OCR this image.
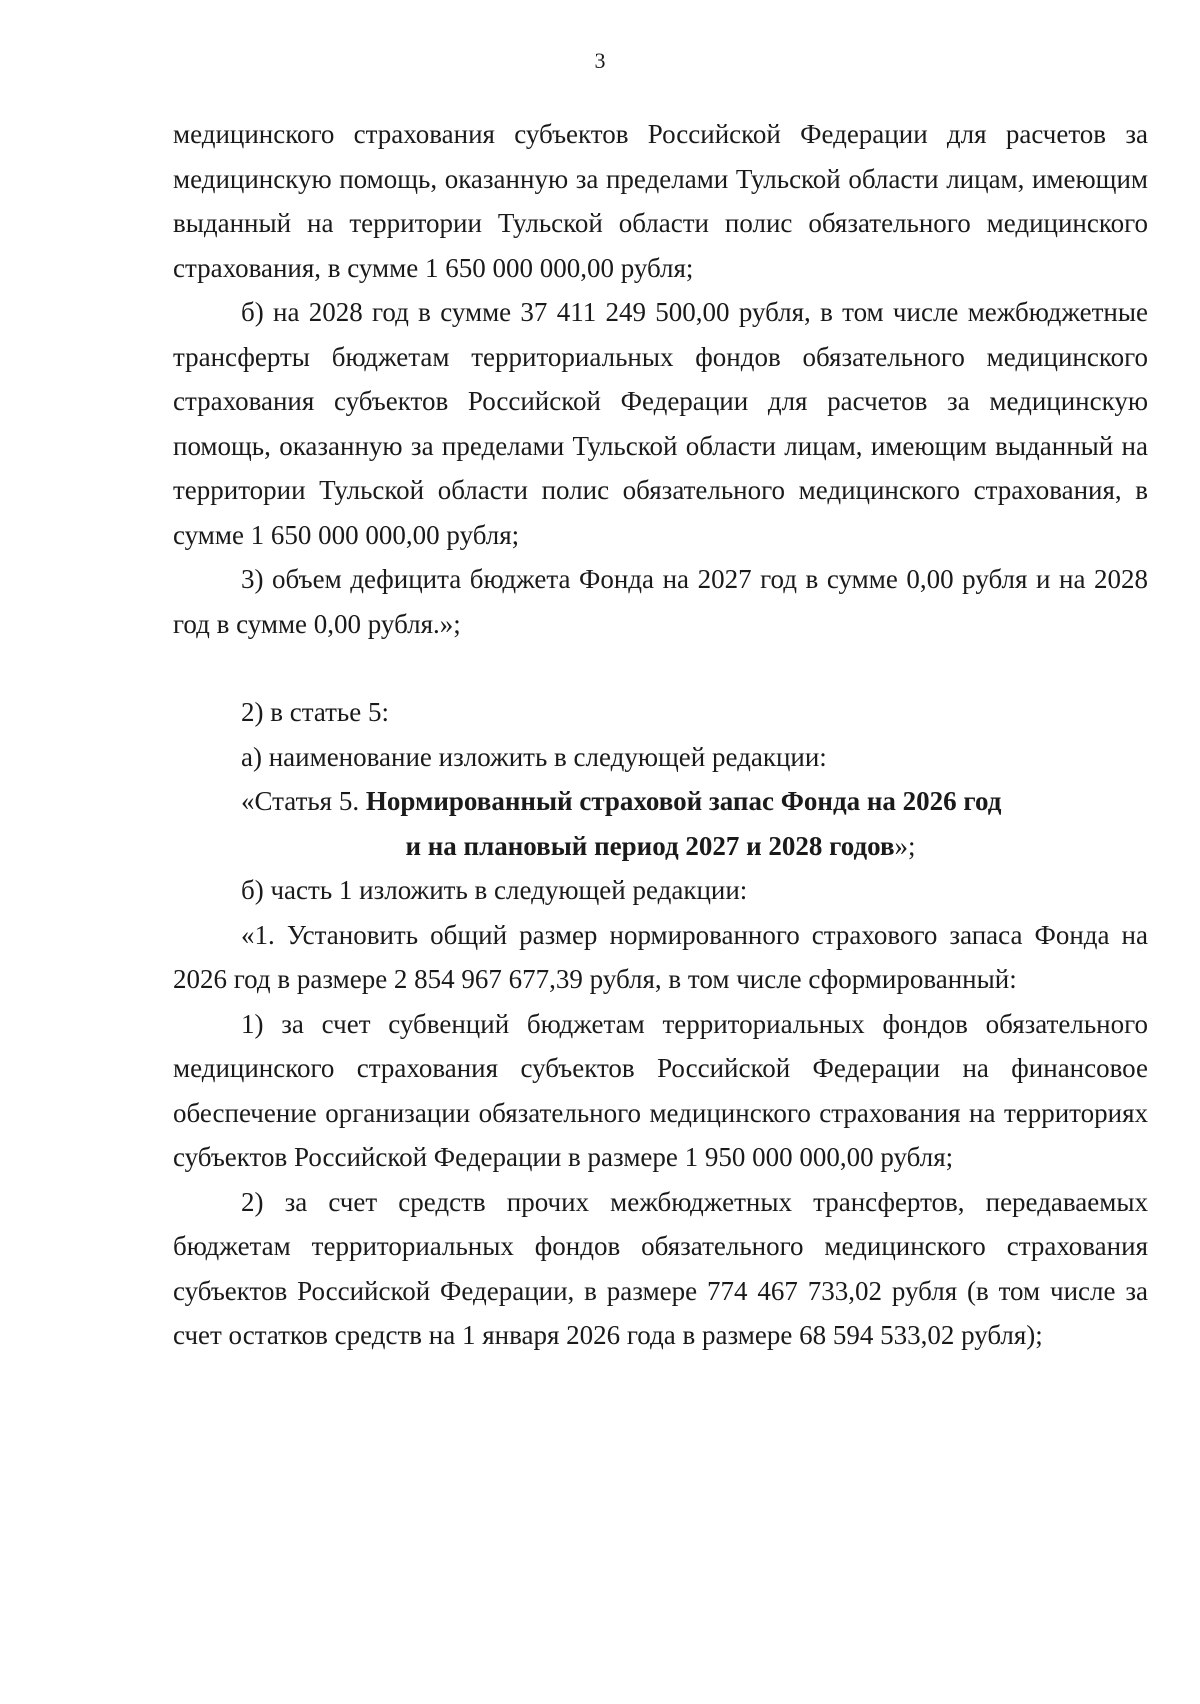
3

медицинского страхования субъектов Российской Федерации для расчетов за медицинскую помощь, оказанную за пределами Тульской области лицам, имеющим выданный на территории Тульской области полис обязательного медицинского страхования, в сумме 1 650 000 000,00 рубля;

б) на 2028 год в сумме 37 411 249 500,00 рубля, в том числе межбюджетные трансферты бюджетам территориальных фондов обязательного медицинского страхования субъектов Российской Федерации для расчетов за медицинскую помощь, оказанную за пределами Тульской области лицам, имеющим выданный на территории Тульской области полис обязательного медицинского страхования, в сумме 1 650 000 000,00 рубля;

3) объем дефицита бюджета Фонда на 2027 год в сумме 0,00 рубля и на 2028 год в сумме 0,00 рубля.»;

2) в статье 5:

а) наименование изложить в следующей редакции:

«Статья 5. Нормированный страховой запас Фонда на 2026 год
и на плановый период 2027 и 2028 годов»;

б) часть 1 изложить в следующей редакции:

«1. Установить общий размер нормированного страхового запаса Фонда на 2026 год в размере 2 854 967 677,39 рубля, в том числе сформированный:

1) за счет субвенций бюджетам территориальных фондов обязательного медицинского страхования субъектов Российской Федерации на финансовое обеспечение организации обязательного медицинского страхования на территориях субъектов Российской Федерации в размере 1 950 000 000,00 рубля;

2) за счет средств прочих межбюджетных трансфертов, передаваемых бюджетам территориальных фондов обязательного медицинского страхования субъектов Российской Федерации, в размере 774 467 733,02 рубля (в том числе за счет остатков средств на 1 января 2026 года в размере 68 594 533,02 рубля);
